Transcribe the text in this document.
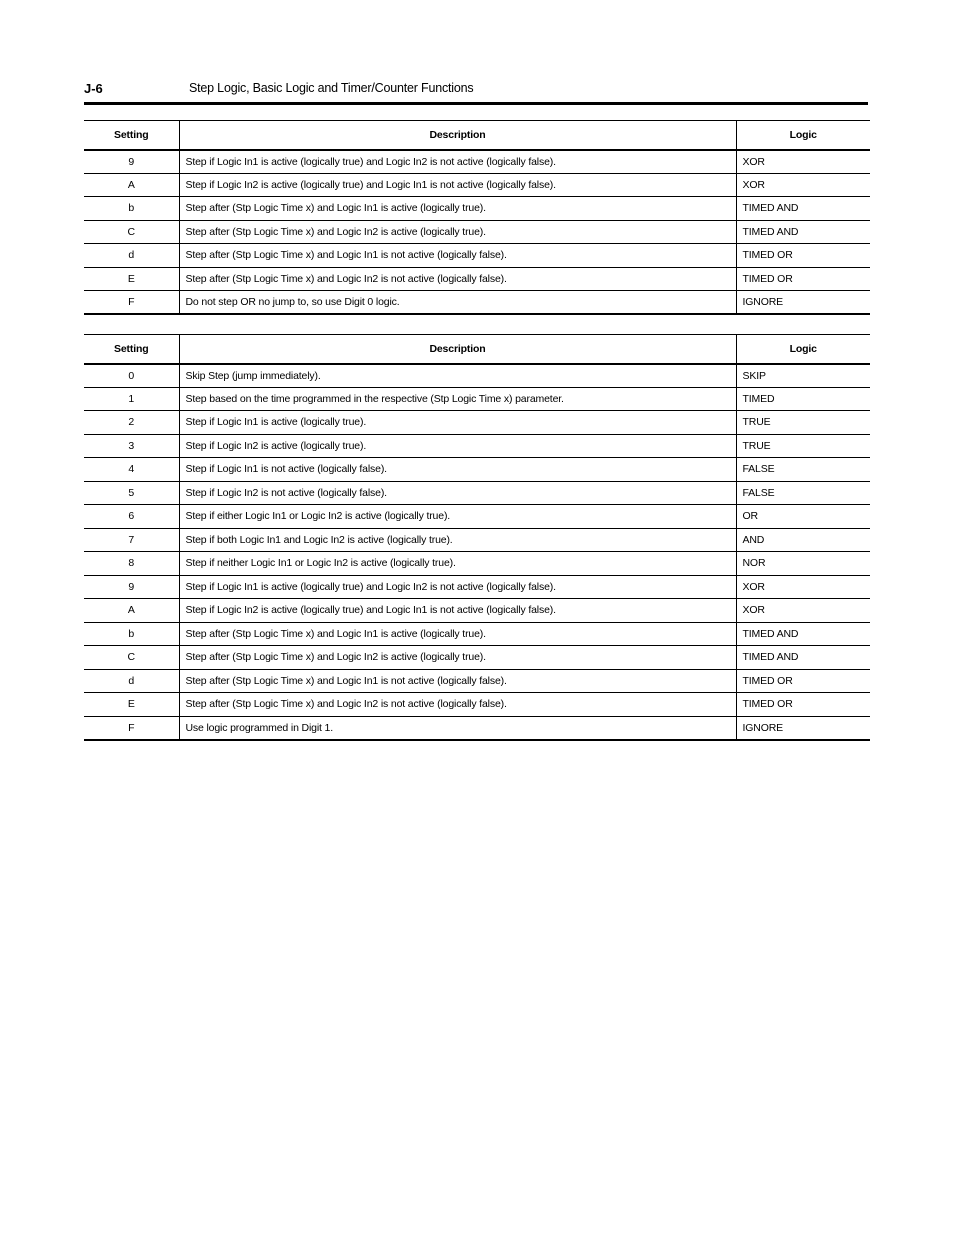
J-6	Step Logic, Basic Logic and Timer/Counter Functions
Setting	Description	Logic
9	Step if Logic In1 is active (logically true) and Logic In2 is not active (logically false).	XOR
A	Step if Logic In2 is active (logically true) and Logic In1 is not active (logically false).	XOR
b	Step after (Stp Logic Time x) and Logic In1 is active (logically true).	TIMED AND
C	Step after (Stp Logic Time x) and Logic In2 is active (logically true).	TIMED AND
d	Step after (Stp Logic Time x) and Logic In1 is not active (logically false).	TIMED OR
E	Step after (Stp Logic Time x) and Logic In2 is not active (logically false).	TIMED OR
F	Do not step OR no jump to, so use Digit 0 logic.	IGNORE
Setting	Description	Logic
0	Skip Step (jump immediately).	SKIP
1	Step based on the time programmed in the respective (Stp Logic Time x) parameter.	TIMED
2	Step if Logic In1 is active (logically true).	TRUE
3	Step if Logic In2 is active (logically true).	TRUE
4	Step if Logic In1 is not active (logically false).	FALSE
5	Step if Logic In2 is not active (logically false).	FALSE
6	Step if either Logic In1 or Logic In2 is active (logically true).	OR
7	Step if both Logic In1 and Logic In2 is active (logically true).	AND
8	Step if neither Logic In1 or Logic In2 is active (logically true).	NOR
9	Step if Logic In1 is active (logically true) and Logic In2 is not active (logically false).	XOR
A	Step if Logic In2 is active (logically true) and Logic In1 is not active (logically false).	XOR
b	Step after (Stp Logic Time x) and Logic In1 is active (logically true).	TIMED AND
C	Step after (Stp Logic Time x) and Logic In2 is active (logically true).	TIMED AND
d	Step after (Stp Logic Time x) and Logic In1 is not active (logically false).	TIMED OR
E	Step after (Stp Logic Time x) and Logic In2 is not active (logically false).	TIMED OR
F	Use logic programmed in Digit 1.	IGNORE
